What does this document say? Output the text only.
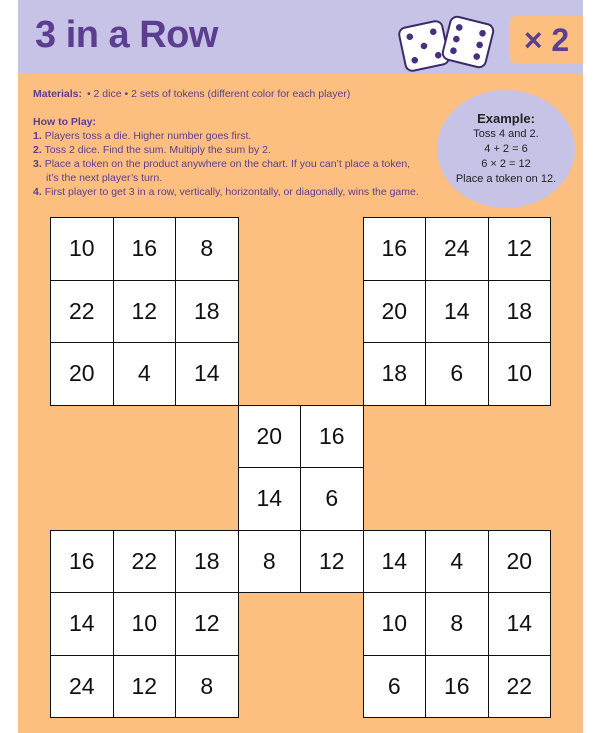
3 in a Row	× 2
Materials: • 2 dice • 2 sets of tokens (different color for each player)
How to Play:
1. Players toss a die. Higher number goes first.
2. Toss 2 dice. Find the sum. Multiply the sum by 2.
3. Place a token on the product anywhere on the chart. If you can’t place a token,
it’s the next player’s turn.
4. First player to get 3 in a row, vertically, horizontally, or diagonally, wins the game.
Example:
Toss 4 and 2.
4 + 2 = 6
6 × 2 = 12
Place a token on 12.
10	16	8	16	24	12
22	12	18	20	14	18
20	4	14	18	6	10
20	16
14	6
16	22	18	8	12	14	4	20
14	10	12	10	8	14
24	12	8	6	16	22
